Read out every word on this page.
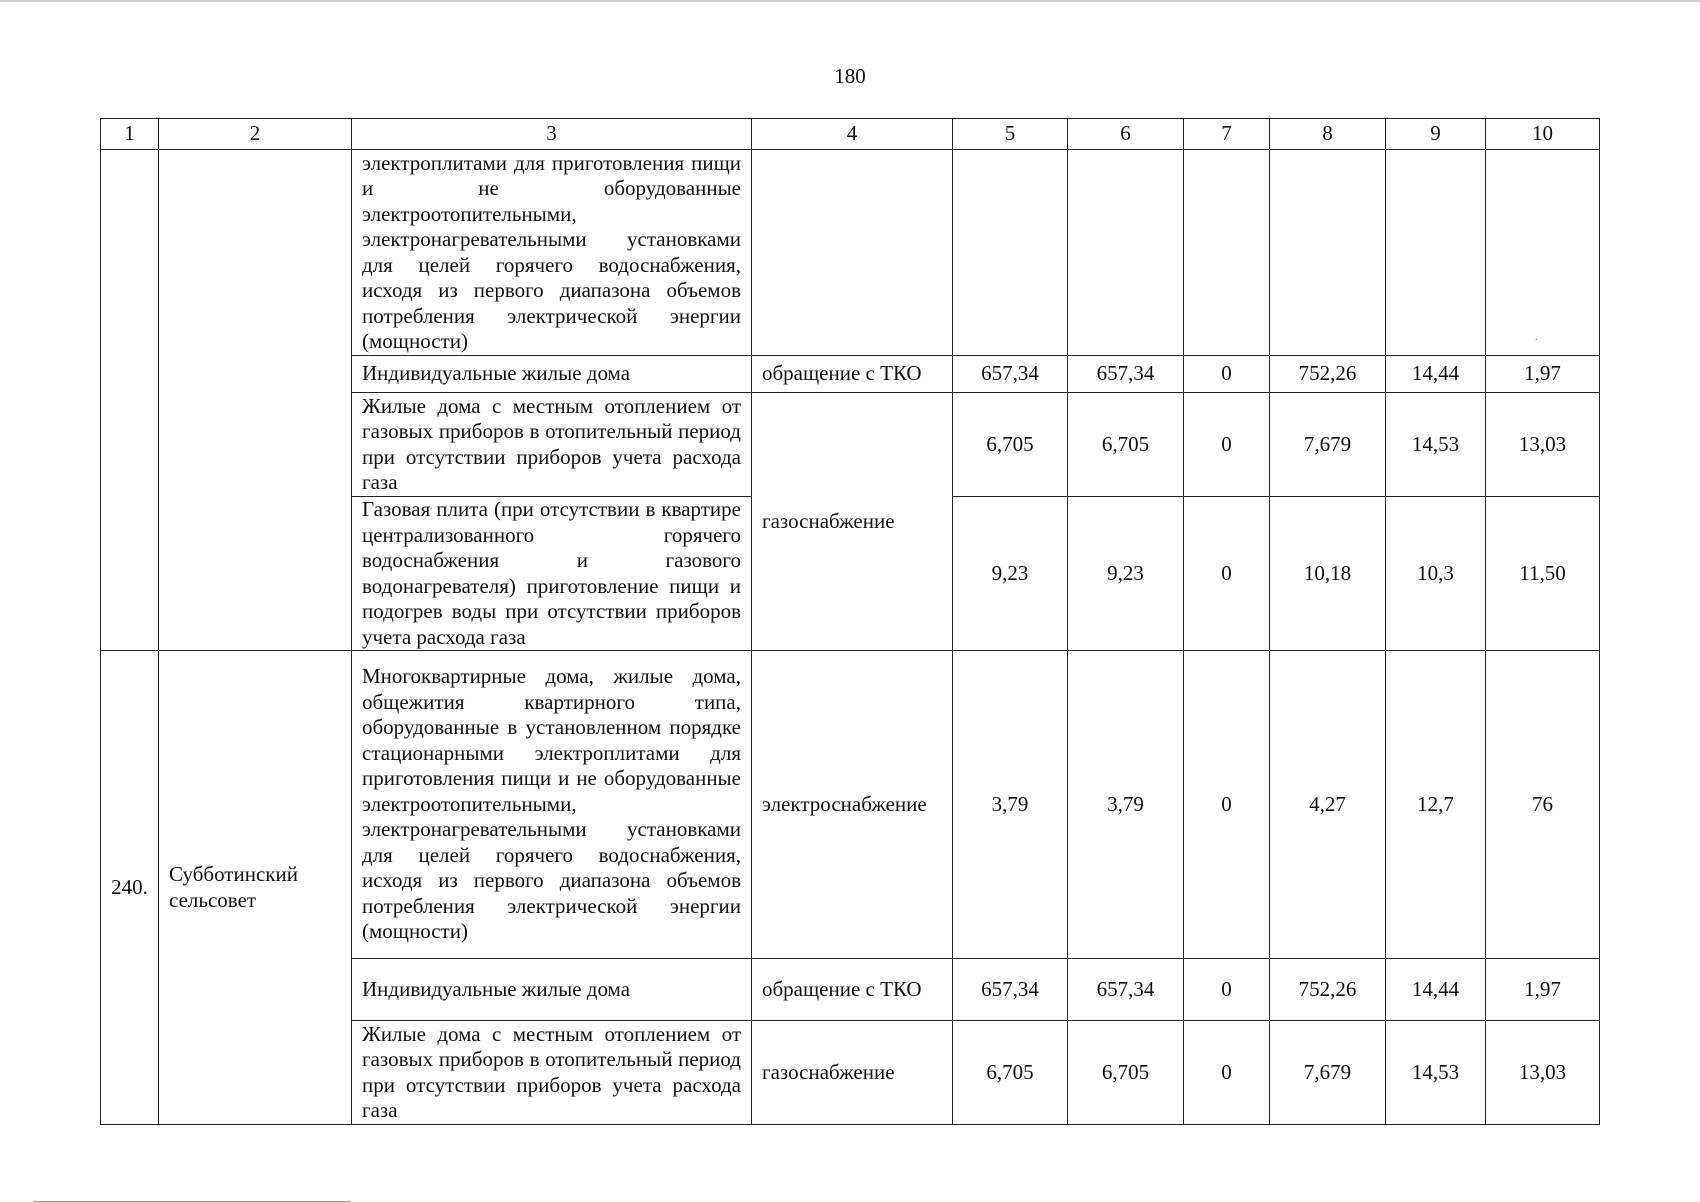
180
1	2	3	4	5	6	7	8	9	10
		электроплитами для приготовления пищи и не оборудованные электроотопительными, электронагревательными установками для целей горячего водоснабжения, исходя из первого диапазона объемов потребления электрической энергии (мощности)							
		Индивидуальные жилые дома	обращение с ТКО	657,34	657,34	0	752,26	14,44	1,97
		Жилые дома с местным отоплением от газовых приборов в отопительный период при отсутствии приборов учета расхода газа	газоснабжение	6,705	6,705	0	7,679	14,53	13,03
		Газовая плита (при отсутствии в квартире централизованного горячего водоснабжения и газового водонагревателя) приготовление пищи и подогрев воды при отсутствии приборов учета расхода газа		9,23	9,23	0	10,18	10,3	11,50
240.	Субботинский сельсовет	Многоквартирные дома, жилые дома, общежития квартирного типа, оборудованные в установленном порядке стационарными электроплитами для приготовления пищи и не оборудованные электроотопительными, электронагревательными установками для целей горячего водоснабжения, исходя из первого диапазона объемов потребления электрической энергии (мощности)	электроснабжение	3,79	3,79	0	4,27	12,7	76
		Индивидуальные жилые дома	обращение с ТКО	657,34	657,34	0	752,26	14,44	1,97
		Жилые дома с местным отоплением от газовых приборов в отопительный период при отсутствии приборов учета расхода газа	газоснабжение	6,705	6,705	0	7,679	14,53	13,03
.
